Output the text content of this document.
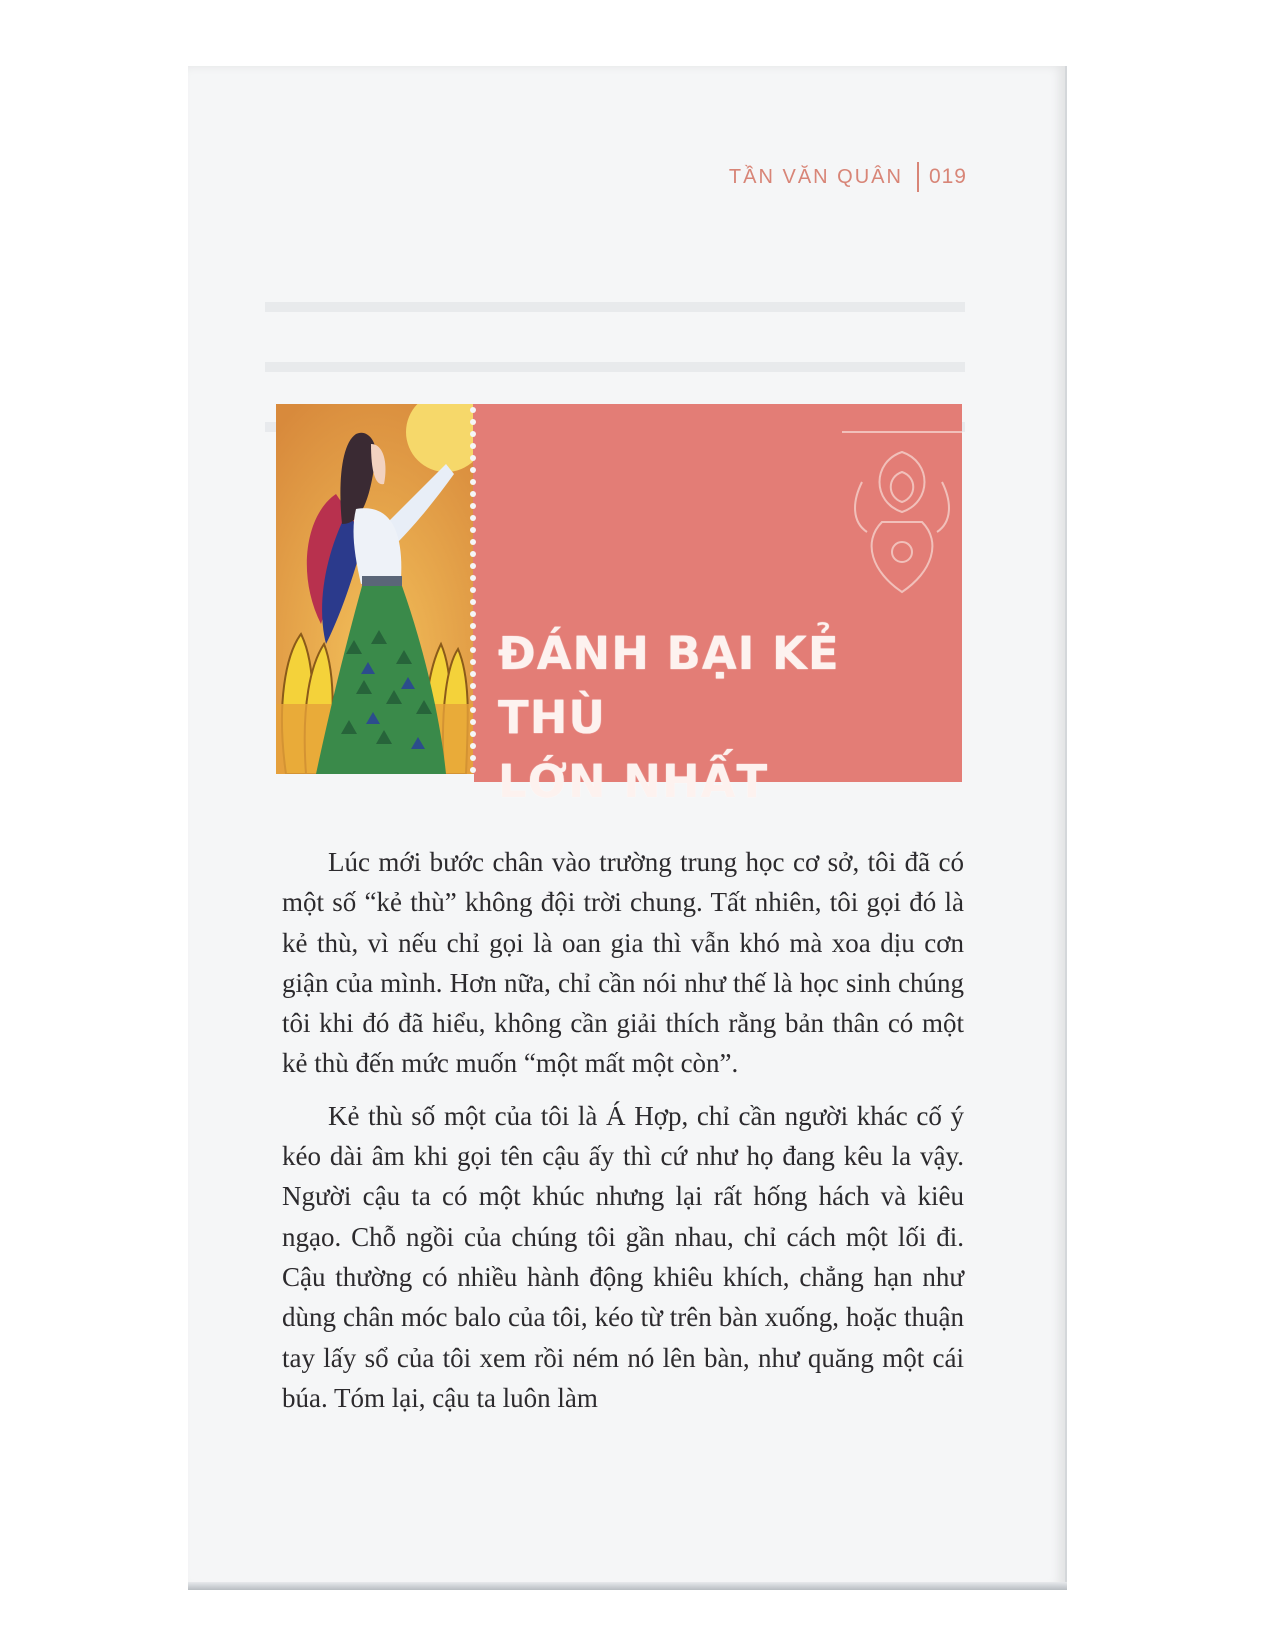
TẦN VĂN QUÂN 019
ĐÁNH BẠI KẺ THÙ
LỚN NHẤT

Lúc mới bước chân vào trường trung học cơ sở, tôi đã có một số “kẻ thù” không đội trời chung. Tất nhiên, tôi gọi đó là kẻ thù, vì nếu chỉ gọi là oan gia thì vẫn khó mà xoa dịu cơn giận của mình. Hơn nữa, chỉ cần nói như thế là học sinh chúng tôi khi đó đã hiểu, không cần giải thích rằng bản thân có một kẻ thù đến mức muốn “một mất một còn”.

Kẻ thù số một của tôi là Á Hợp, chỉ cần người khác cố ý kéo dài âm khi gọi tên cậu ấy thì cứ như họ đang kêu la vậy. Người cậu ta có một khúc nhưng lại rất hống hách và kiêu ngạo. Chỗ ngồi của chúng tôi gần nhau, chỉ cách một lối đi. Cậu thường có nhiều hành động khiêu khích, chẳng hạn như dùng chân móc balo của tôi, kéo từ trên bàn xuống, hoặc thuận tay lấy sổ của tôi xem rồi ném nó lên bàn, như quăng một cái búa. Tóm lại, cậu ta luôn làm
